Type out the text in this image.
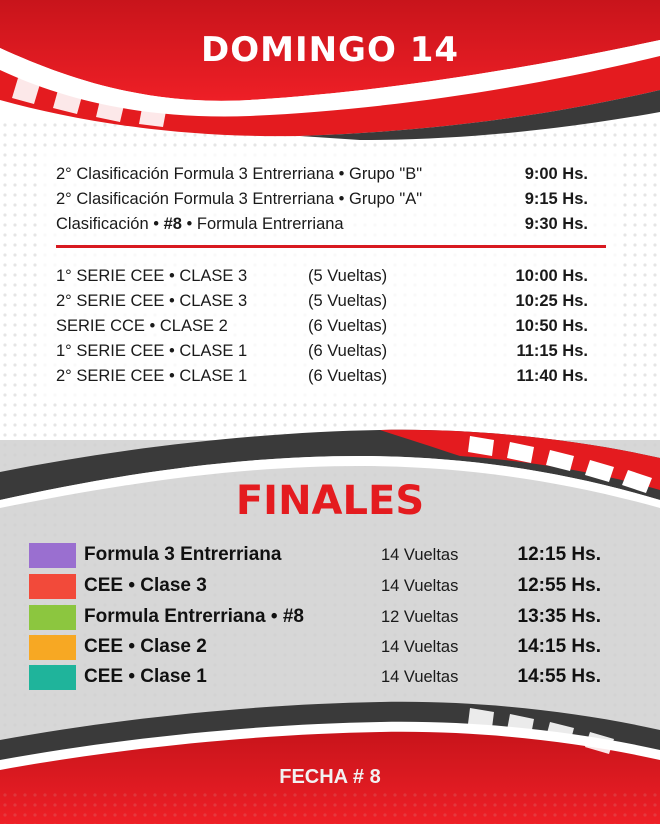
DOMINGO 14
2° Clasificación Formula 3 Entrerriana • Grupo "B"	9:00 Hs.
2° Clasificación Formula 3 Entrerriana • Grupo "A"	9:15 Hs.
Clasificación • #8 • Formula Entrerriana	9:30 Hs.
1° SERIE CEE • CLASE 3	(5 Vueltas)	10:00 Hs.
2° SERIE CEE • CLASE 3	(5 Vueltas)	10:25 Hs.
SERIE CCE • CLASE 2	(6 Vueltas)	10:50 Hs.
1° SERIE CEE • CLASE 1	(6 Vueltas)	11:15 Hs.
2° SERIE CEE • CLASE 1	(6 Vueltas)	11:40 Hs.
FINALES
Formula 3 Entrerriana	14 Vueltas	12:15 Hs.
CEE • Clase 3	14 Vueltas	12:55 Hs.
Formula Entrerriana • #8	12 Vueltas	13:35 Hs.
CEE • Clase 2	14 Vueltas	14:15 Hs.
CEE • Clase 1	14 Vueltas	14:55 Hs.
FECHA # 8
